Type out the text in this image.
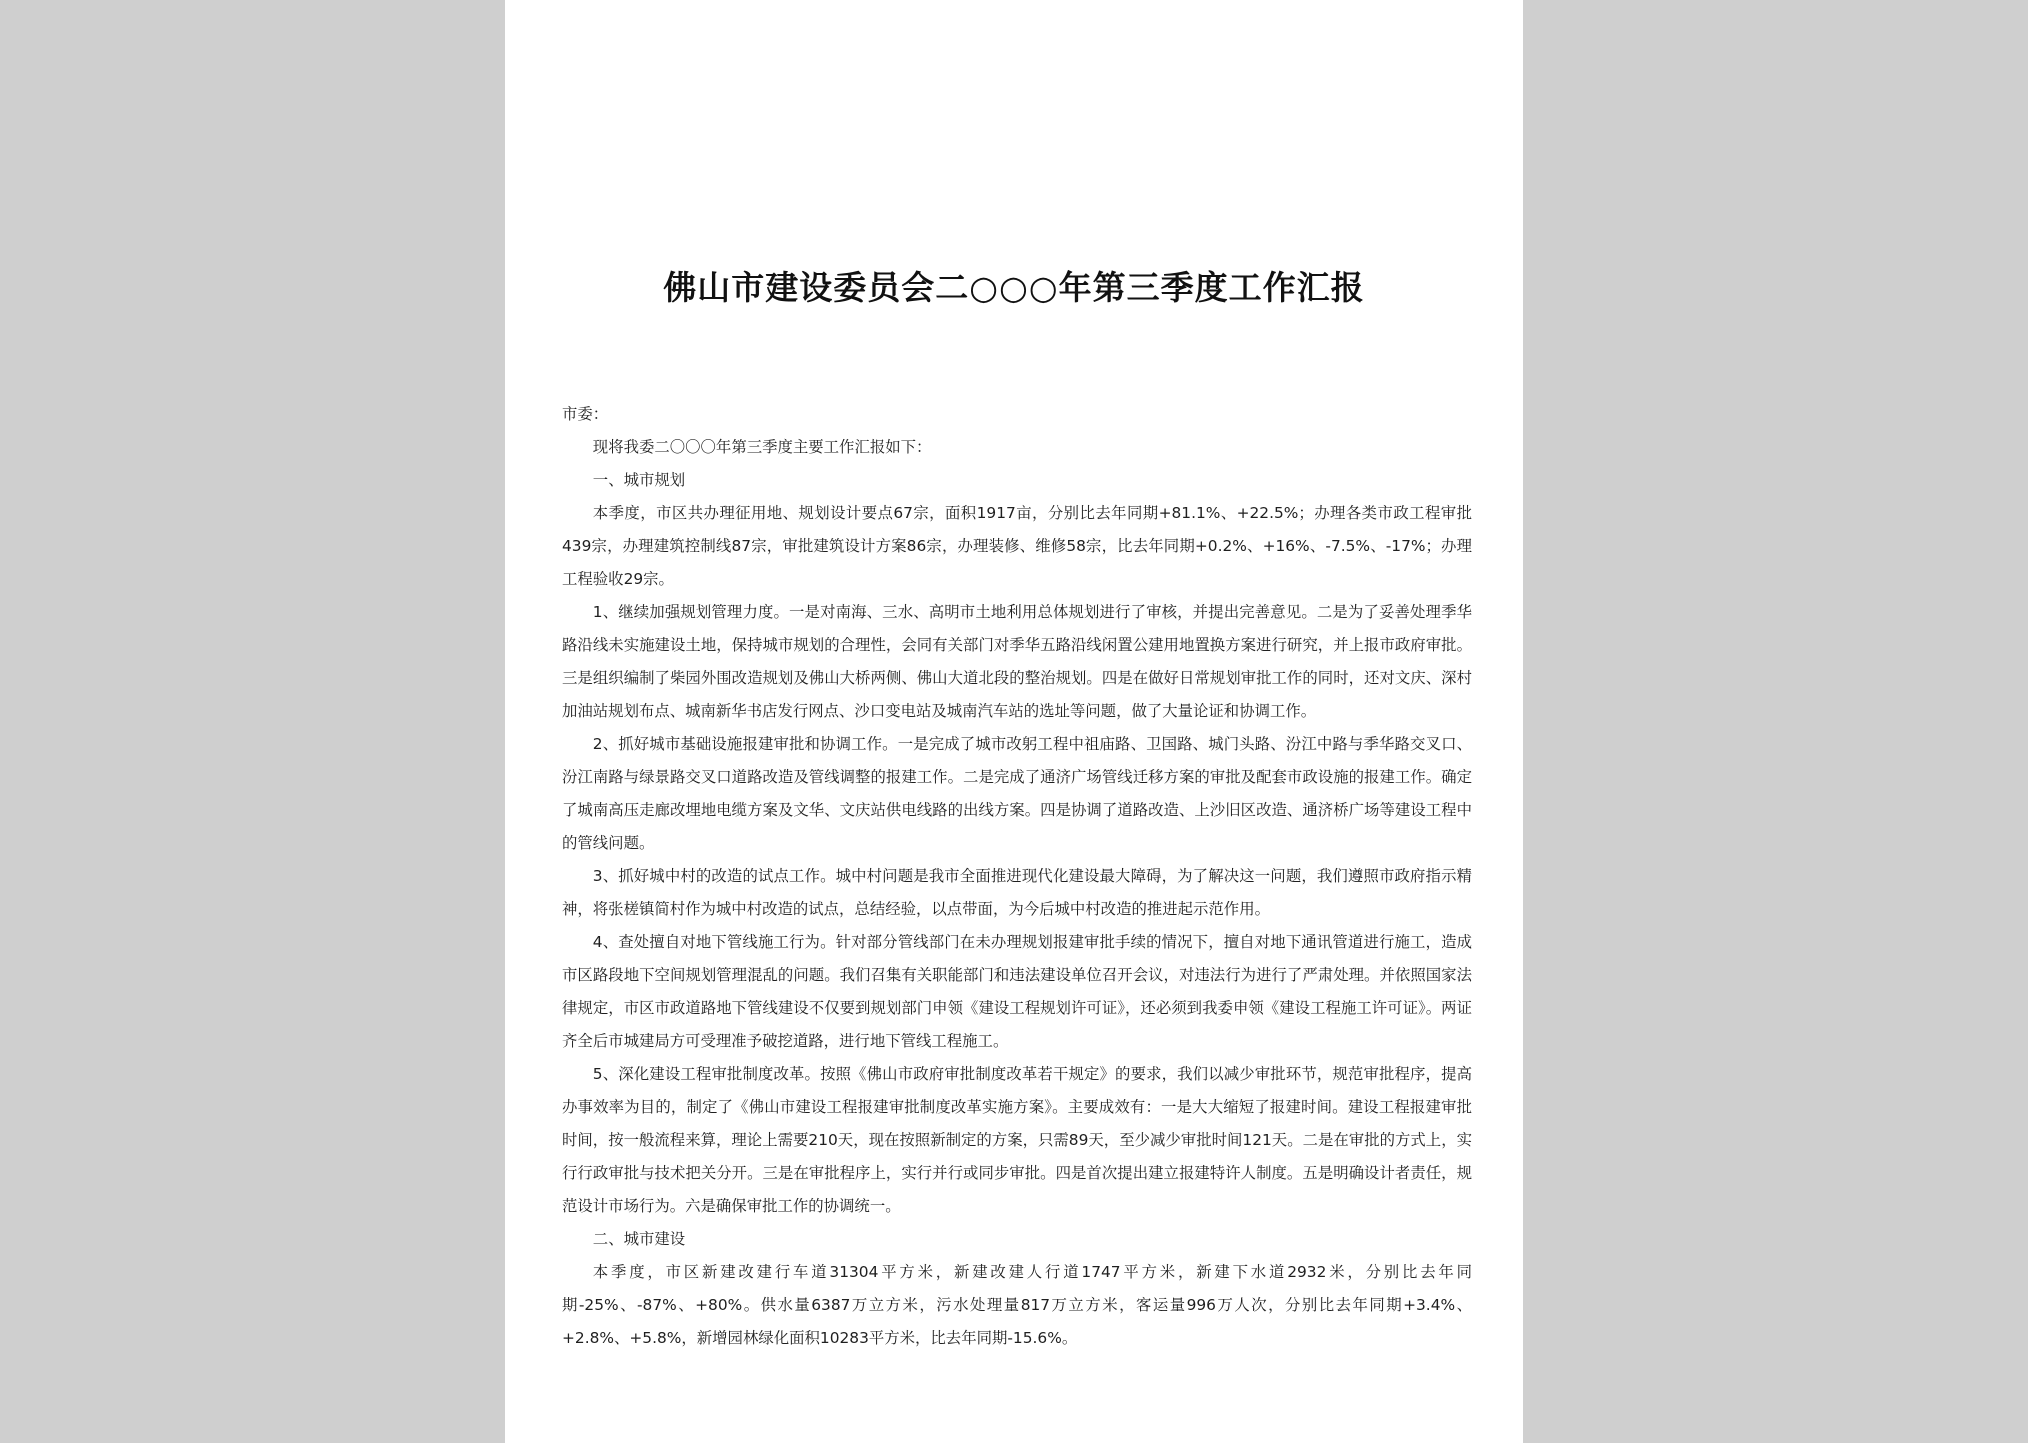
佛山市建设委员会二○○○年第三季度工作汇报

市委：

现将我委二〇〇〇年第三季度主要工作汇报如下：

一、城市规划

本季度，市区共办理征用地、规划设计要点67宗，面积1917亩，分别比去年同期+81.1%、+22.5%；办理各类市政工程审批439宗，办理建筑控制线87宗，审批建筑设计方案86宗，办理装修、维修58宗，比去年同期+0.2%、+16%、-7.5%、-17%；办理工程验收29宗。

1、继续加强规划管理力度。一是对南海、三水、高明市土地利用总体规划进行了审核，并提出完善意见。二是为了妥善处理季华路沿线未实施建设土地，保持城市规划的合理性，会同有关部门对季华五路沿线闲置公建用地置换方案进行研究，并上报市政府审批。三是组织编制了柴园外围改造规划及佛山大桥两侧、佛山大道北段的整治规划。四是在做好日常规划审批工作的同时，还对文庆、深村加油站规划布点、城南新华书店发行网点、沙口变电站及城南汽车站的选址等问题，做了大量论证和协调工作。

2、抓好城市基础设施报建审批和协调工作。一是完成了城市改躬工程中祖庙路、卫国路、城门头路、汾江中路与季华路交叉口、汾江南路与绿景路交叉口道路改造及管线调整的报建工作。二是完成了通济广场管线迁移方案的审批及配套市政设施的报建工作。确定了城南高压走廊改埋地电缆方案及文华、文庆站供电线路的出线方案。四是协调了道路改造、上沙旧区改造、通济桥广场等建设工程中的管线问题。

3、抓好城中村的改造的试点工作。城中村问题是我市全面推进现代化建设最大障碍，为了解决这一问题，我们遵照市政府指示精神，将张槎镇简村作为城中村改造的试点，总结经验，以点带面，为今后城中村改造的推进起示范作用。

4、查处擅自对地下管线施工行为。针对部分管线部门在未办理规划报建审批手续的情况下，擅自对地下通讯管道进行施工，造成市区路段地下空间规划管理混乱的问题。我们召集有关职能部门和违法建设单位召开会议，对违法行为进行了严肃处理。并依照国家法律规定，市区市政道路地下管线建设不仅要到规划部门申领《建设工程规划许可证》，还必须到我委申领《建设工程施工许可证》。两证齐全后市城建局方可受理准予破挖道路，进行地下管线工程施工。

5、深化建设工程审批制度改革。按照《佛山市政府审批制度改革若干规定》的要求，我们以减少审批环节，规范审批程序，提高办事效率为目的，制定了《佛山市建设工程报建审批制度改革实施方案》。主要成效有：一是大大缩短了报建时间。建设工程报建审批时间，按一般流程来算，理论上需要210天，现在按照新制定的方案，只需89天，至少减少审批时间121天。二是在审批的方式上，实行行政审批与技术把关分开。三是在审批程序上，实行并行或同步审批。四是首次提出建立报建特许人制度。五是明确设计者责任，规范设计市场行为。六是确保审批工作的协调统一。

二、城市建设

本季度，市区新建改建行车道31304平方米，新建改建人行道1747平方米，新建下水道2932米，分别比去年同期-25%、-87%、+80%。供水量6387万立方米，污水处理量817万立方米，客运量996万人次，分别比去年同期+3.4%、+2.8%、+5.8%，新增园林绿化面积10283平方米，比去年同期-15.6%。
